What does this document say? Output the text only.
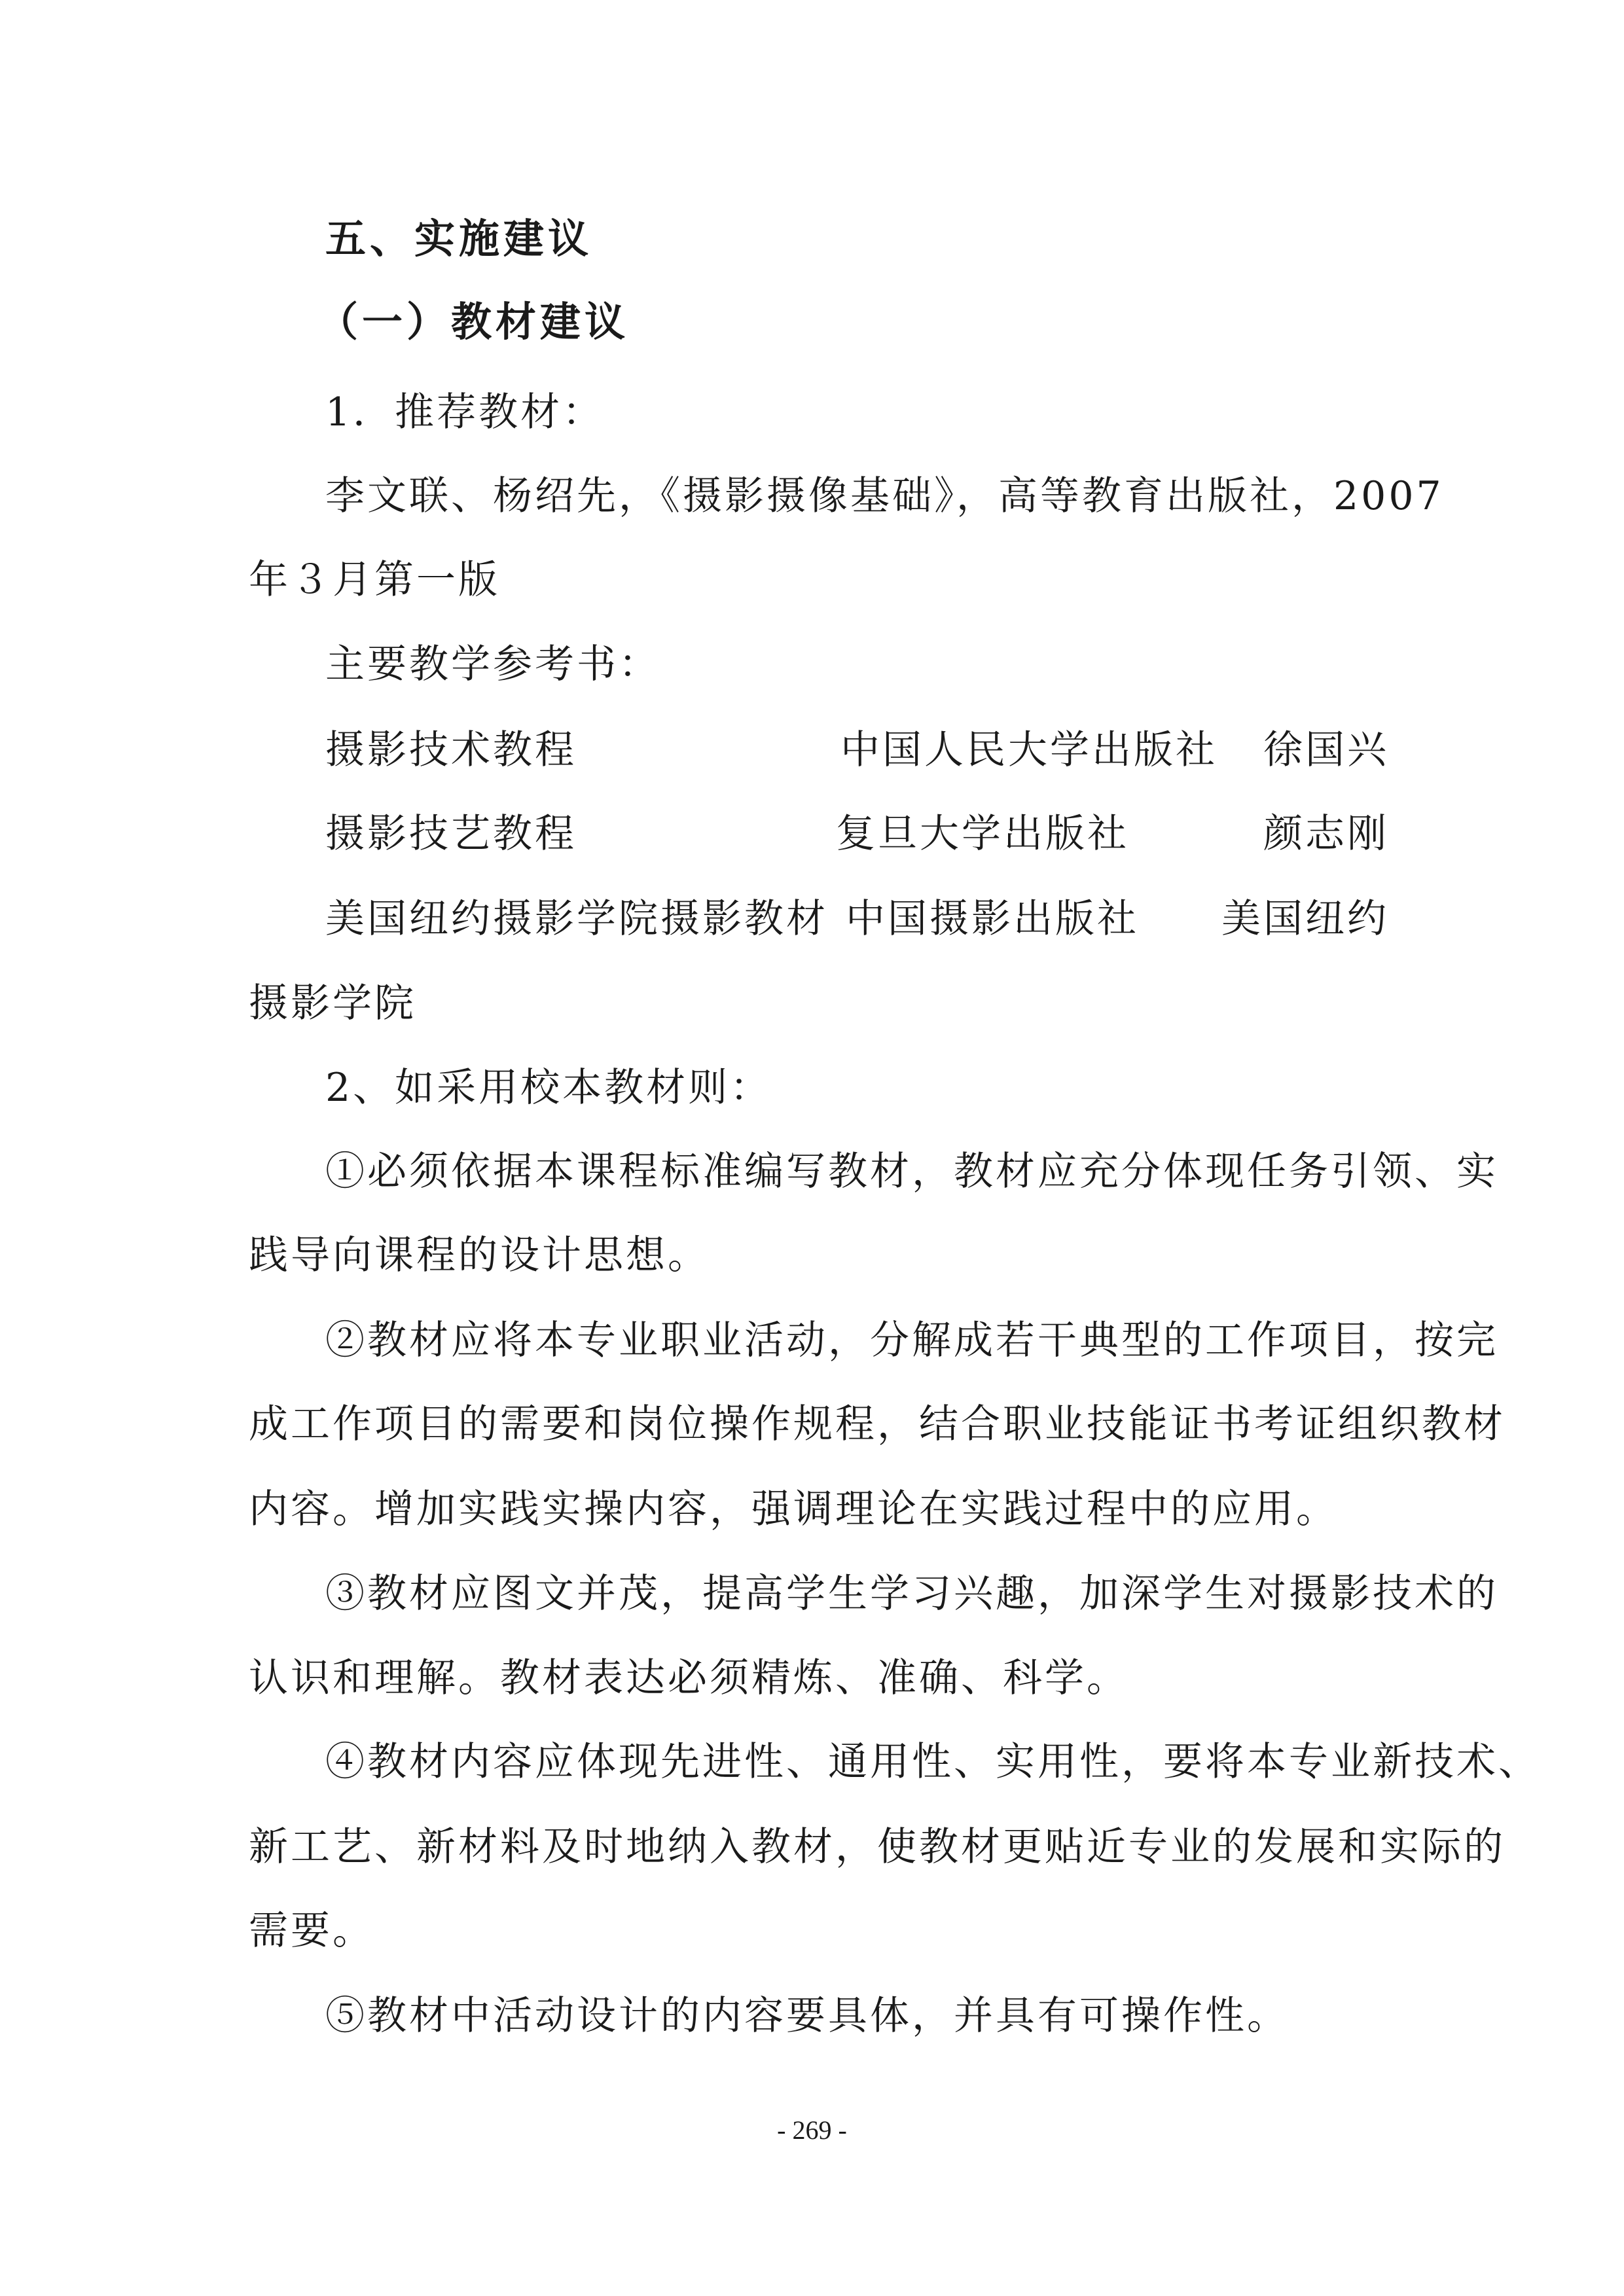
五、实施建议
（一）教材建议
1．推荐教材：
李文联、杨绍先，《摄影摄像基础》，高等教育出版社，2007
年３月第一版
主要教学参考书：
摄影技术教程	中国人民大学出版社 徐国兴
摄影技艺教程	复旦大学出版社	颜志刚
美国纽约摄影学院摄影教材 中国摄影出版社 美国纽约
摄影学院
2、如采用校本教材则：
①必须依据本课程标准编写教材，教材应充分体现任务引领、实
践导向课程的设计思想。
②教材应将本专业职业活动，分解成若干典型的工作项目，按完
成工作项目的需要和岗位操作规程，结合职业技能证书考证组织教材
内容。增加实践实操内容，强调理论在实践过程中的应用。
③教材应图文并茂，提高学生学习兴趣，加深学生对摄影技术的
认识和理解。教材表达必须精炼、准确、科学。
④教材内容应体现先进性、通用性、实用性，要将本专业新技术、
新工艺、新材料及时地纳入教材，使教材更贴近专业的发展和实际的
需要。
⑤教材中活动设计的内容要具体，并具有可操作性。
- 269 -
